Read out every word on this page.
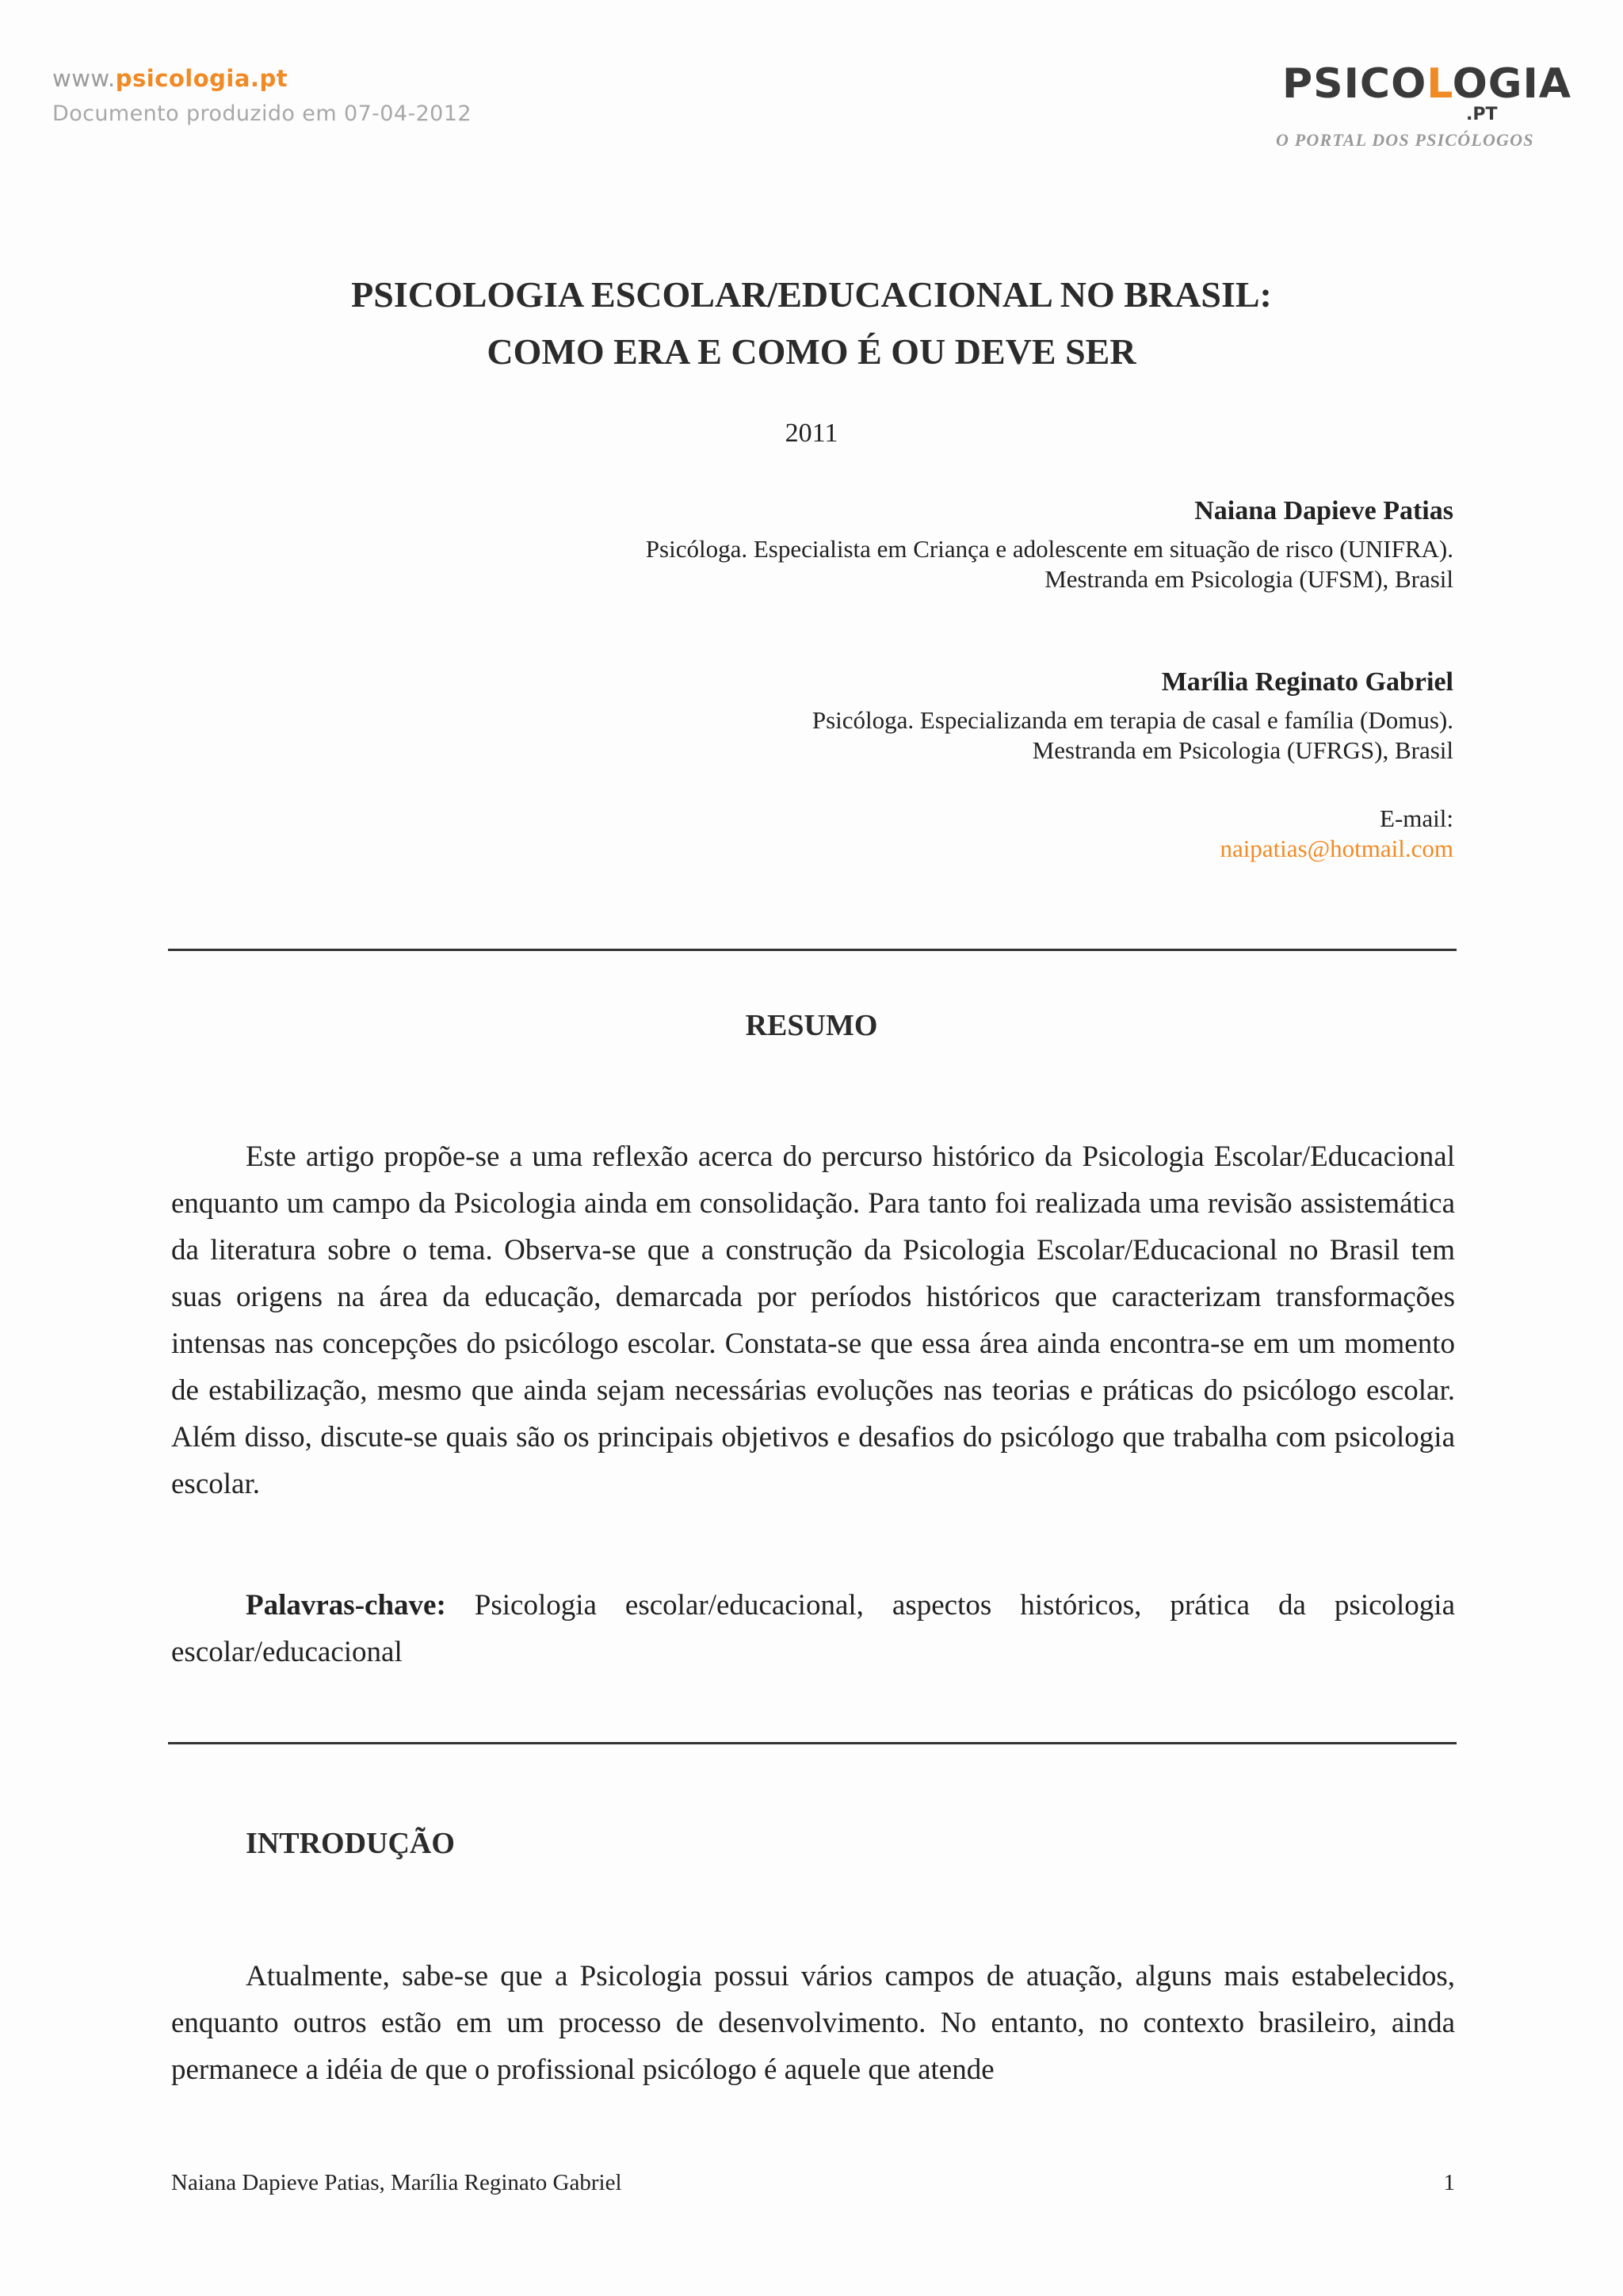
www.psicologia.pt
Documento produzido em 07-04-2012
PSICOLOGIA
.PT
O PORTAL DOS PSICÓLOGOS
PSICOLOGIA ESCOLAR/EDUCACIONAL NO BRASIL:
COMO ERA E COMO É OU DEVE SER
2011
Naiana Dapieve Patias
Psicóloga. Especialista em Criança e adolescente em situação de risco (UNIFRA).
Mestranda em Psicologia (UFSM), Brasil
Marília Reginato Gabriel
Psicóloga. Especializanda em terapia de casal e família (Domus).
Mestranda em Psicologia (UFRGS), Brasil
E-mail:
naipatias@hotmail.com
RESUMO
Este artigo propõe-se a uma reflexão acerca do percurso histórico da Psicologia Escolar/Educacional enquanto um campo da Psicologia ainda em consolidação. Para tanto foi realizada uma revisão assistemática da literatura sobre o tema. Observa-se que a construção da Psicologia Escolar/Educacional no Brasil tem suas origens na área da educação, demarcada por períodos históricos que caracterizam transformações intensas nas concepções do psicólogo escolar. Constata-se que essa área ainda encontra-se em um momento de estabilização, mesmo que ainda sejam necessárias evoluções nas teorias e práticas do psicólogo escolar. Além disso, discute-se quais são os principais objetivos e desafios do psicólogo que trabalha com psicologia escolar.
Palavras-chave: Psicologia escolar/educacional, aspectos históricos, prática da psicologia escolar/educacional
INTRODUÇÃO
Atualmente, sabe-se que a Psicologia possui vários campos de atuação, alguns mais estabelecidos, enquanto outros estão em um processo de desenvolvimento. No entanto, no contexto brasileiro, ainda permanece a idéia de que o profissional psicólogo é aquele que atende
Naiana Dapieve Patias, Marília Reginato Gabriel	1
